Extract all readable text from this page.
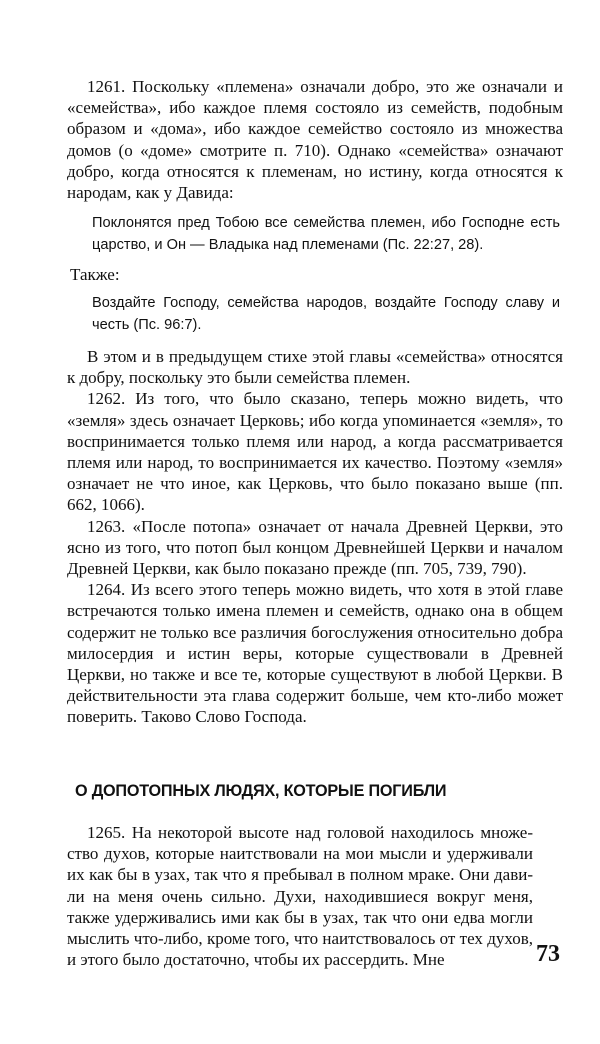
1261. Поскольку «племена» означали добро, это же означали и «семейства», ибо каждое племя состояло из семейств, подобным образом и «дома», ибо каждое семейство состояло из множества домов (о «доме» смотрите п. 710). Однако «семейства» означают добро, когда относятся к племенам, но истину, когда относятся к народам, как у Давида:

Поклонятся пред Тобою все семейства племен, ибо Господне есть царство, и Он — Владыка над племенами (Пс. 22:27, 28).

Также:

Воздайте Господу, семейства народов, воздайте Господу славу и честь (Пс. 96:7).

В этом и в предыдущем стихе этой главы «семейства» относятся к добру, поскольку это были семейства племен.

1262. Из того, что было сказано, теперь можно видеть, что «земля» здесь означает Церковь; ибо когда упоминается «земля», то воспринимается только племя или народ, а когда рассматривается племя или народ, то воспринимается их качество. Поэтому «земля» означает не что иное, как Церковь, что было показано выше (пп. 662, 1066).

1263. «После потопа» означает от начала Древней Церкви, это ясно из того, что потоп был концом Древнейшей Церкви и началом Древней Церкви, как было показано прежде (пп. 705, 739, 790).

1264. Из всего этого теперь можно видеть, что хотя в этой главе встречаются только имена племен и семейств, однако она в общем содержит не только все различия богослужения относительно добра милосердия и истин веры, которые существовали в Древней Церкви, но также и все те, которые существуют в любой Церкви. В действительности эта глава содержит больше, чем кто-либо может поверить. Таково Слово Господа.

О ДОПОТОПНЫХ ЛЮДЯХ, КОТОРЫЕ ПОГИБЛИ

1265. На некоторой высоте над головой находилось множество духов, которые наитствовали на мои мысли и удерживали их как бы в узах, так что я пребывал в полном мраке. Они давили на меня очень сильно. Духи, находившиеся вокруг меня, также удерживались ими как бы в узах, так что они едва могли мыслить что-либо, кроме того, что наитствовалось от тех духов, и этого было достаточно, чтобы их рассердить. Мне	73
